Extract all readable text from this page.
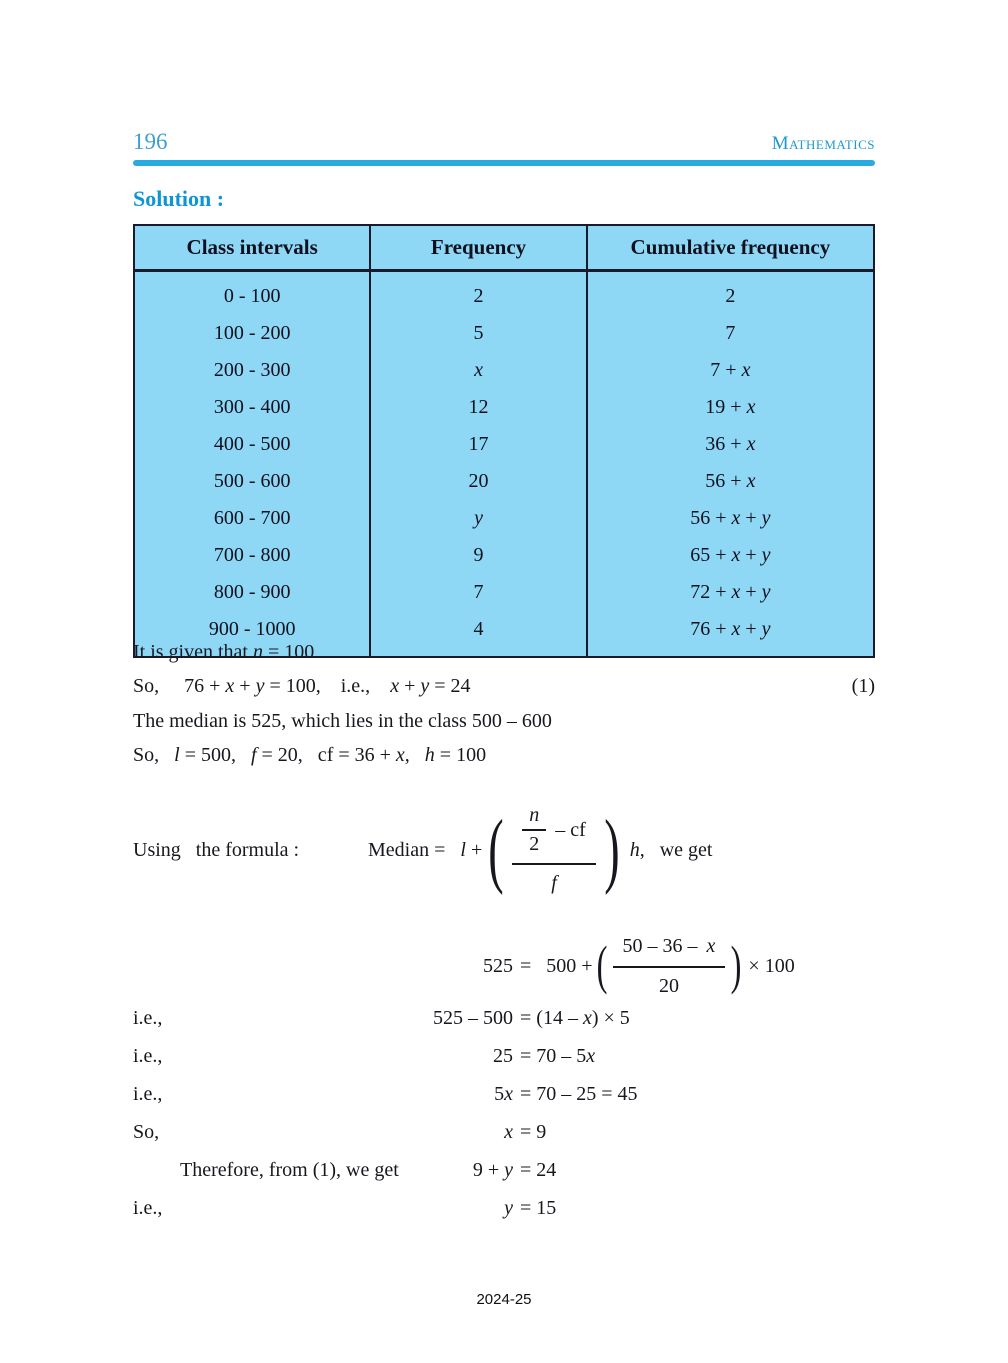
196	Mathematics
Solution :
Class intervals	Frequency	Cumulative frequency
0 - 100	2	2
100 - 200	5	7
200 - 300	x	7 + x
300 - 400	12	19 + x
400 - 500	17	36 + x
500 - 600	20	56 + x
600 - 700	y	56 + x + y
700 - 800	9	65 + x + y
800 - 900	7	72 + x + y
900 - 1000	4	76 + x + y
It is given that n = 100
So,  76 + x + y = 100,   i.e.,   x + y = 24	(1)
The median is 525, which lies in the class 500 – 600
So,  l = 500,  f = 20,  cf = 36 + x,  h = 100
Using  the formula :	Median =  l + ( $\frac{\frac{n}{2} - cf}{f}$ ) h,  we get
525 =  500 + ( $\frac{50 - 36 - x}{20}$ ) × 100
i.e.,	525 – 500 = (14 – x) × 5
i.e.,	25 = 70 – 5x
i.e.,	5x = 70 – 25 = 45
So,	x = 9
Therefore, from (1), we get	9 + y = 24
i.e.,	y = 15
2024-25
